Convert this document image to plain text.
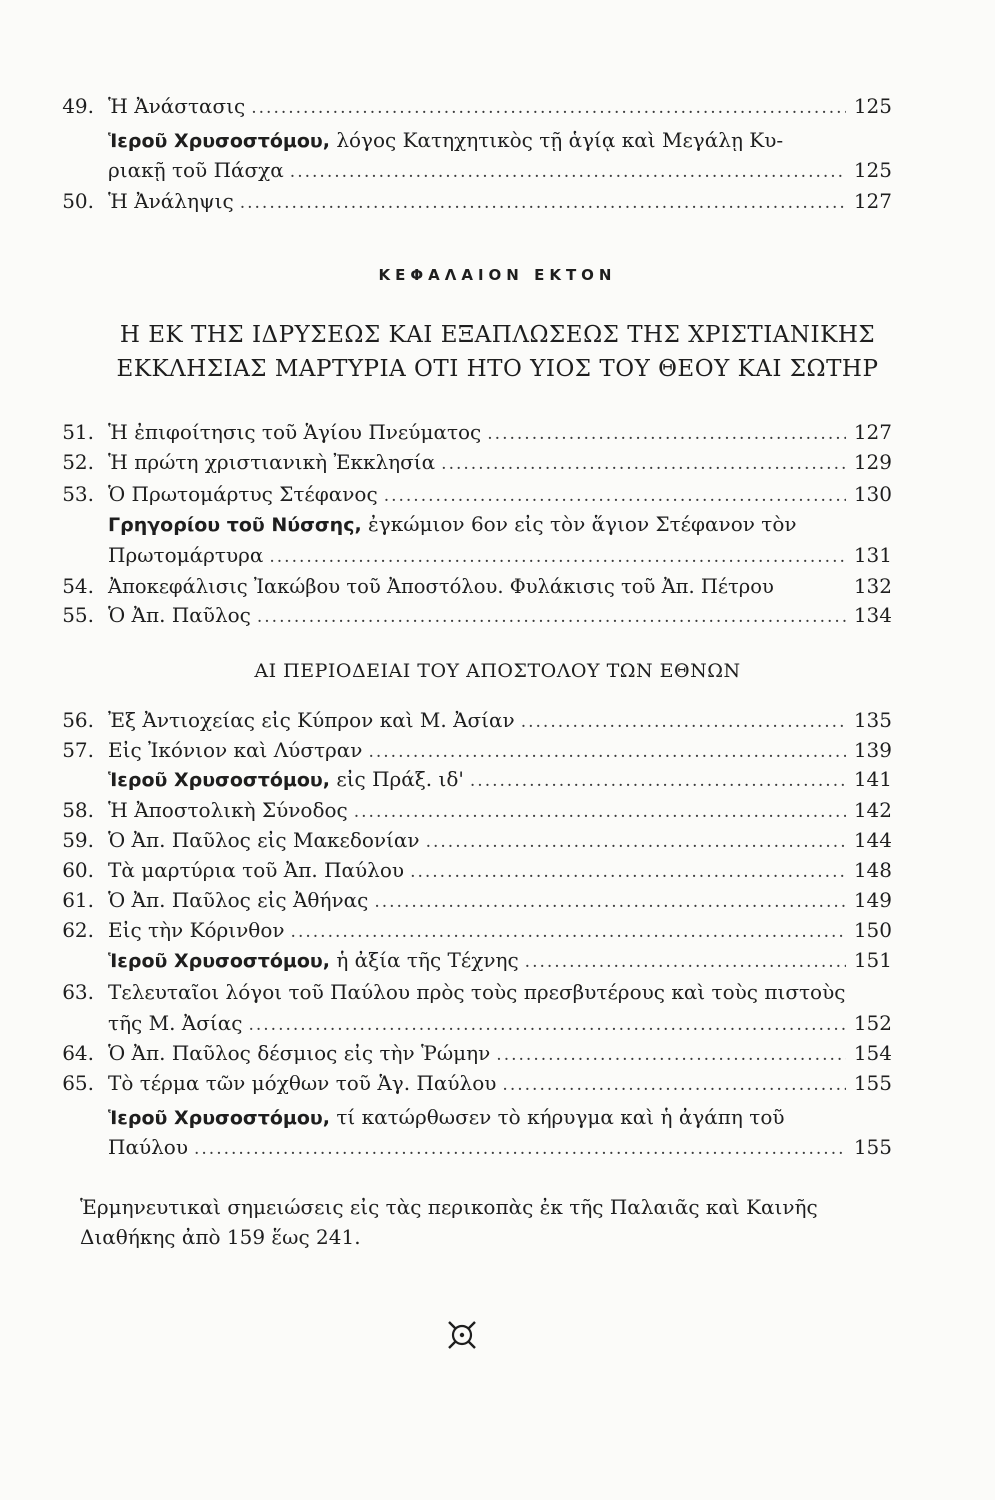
49. Ἡ Ἀνάστασις .....	125
Ἱεροῦ Χρυσοστόμου, λόγος Κατηχητικὸς τῇ ἁγίᾳ καὶ Μεγάλῃ Κυ-
ριακῇ τοῦ Πάσχα .....	125
50. Ἡ Ἀνάληψις .....	127
ΚΕΦΑΛΑΙΟΝ ΕΚΤΟΝ
Η ΕΚ ΤΗΣ ΙΔΡΥΣΕΩΣ ΚΑΙ ΕΞΑΠΛΩΣΕΩΣ ΤΗΣ ΧΡΙΣΤΙΑΝΙΚΗΣ
ΕΚΚΛΗΣΙΑΣ ΜΑΡΤΥΡΙΑ ΟΤΙ ΗΤΟ ΥΙΟΣ ΤΟΥ ΘΕΟΥ ΚΑΙ ΣΩΤΗΡ
51. Ἡ ἐπιφοίτησις τοῦ Ἁγίου Πνεύματος .....	127
52. Ἡ πρώτη χριστιανικὴ Ἐκκλησία .....	129
53. Ὁ Πρωτομάρτυς Στέφανος .....	130
Γρηγορίου τοῦ Νύσσης, ἐγκώμιον 6ον εἰς τὸν ἅγιον Στέφανον τὸν
Πρωτομάρτυρα .....	131
54. Ἀποκεφάλισις Ἰακώβου τοῦ Ἀποστόλου. Φυλάκισις τοῦ Ἀπ. Πέτρου	132
55. Ὁ Ἀπ. Παῦλος .....	134
ΑΙ ΠΕΡΙΟΔΕΙΑΙ ΤΟΥ ΑΠΟΣΤΟΛΟΥ ΤΩΝ ΕΘΝΩΝ
56. Ἐξ Ἀντιοχείας εἰς Κύπρον καὶ Μ. Ἀσίαν .....	135
57. Εἰς Ἰκόνιον καὶ Λύστραν .....	139
Ἱεροῦ Χρυσοστόμου, εἰς Πράξ. ιδ' .....	141
58. Ἡ Ἀποστολικὴ Σύνοδος .....	142
59. Ὁ Ἀπ. Παῦλος εἰς Μακεδονίαν .....	144
60. Τὰ μαρτύρια τοῦ Ἀπ. Παύλου .....	148
61. Ὁ Ἀπ. Παῦλος εἰς Ἀθήνας .....	149
62. Εἰς τὴν Κόρινθον .....	150
Ἱεροῦ Χρυσοστόμου, ἡ ἀξία τῆς Τέχνης .....	151
63. Τελευταῖοι λόγοι τοῦ Παύλου πρὸς τοὺς πρεσβυτέρους καὶ τοὺς πιστοὺς
τῆς Μ. Ἀσίας .....	152
64. Ὁ Ἀπ. Παῦλος δέσμιος εἰς τὴν Ῥώμην .....	154
65. Τὸ τέρμα τῶν μόχθων τοῦ Ἁγ. Παύλου .....	155
Ἱεροῦ Χρυσοστόμου, τί κατώρθωσεν τὸ κήρυγμα καὶ ἡ ἀγάπη τοῦ
Παύλου .....	155
Ἑρμηνευτικαὶ σημειώσεις εἰς τὰς περικοπὰς ἐκ τῆς Παλαιᾶς καὶ Καινῆς
Διαθήκης ἀπὸ 159 ἕως 241.
